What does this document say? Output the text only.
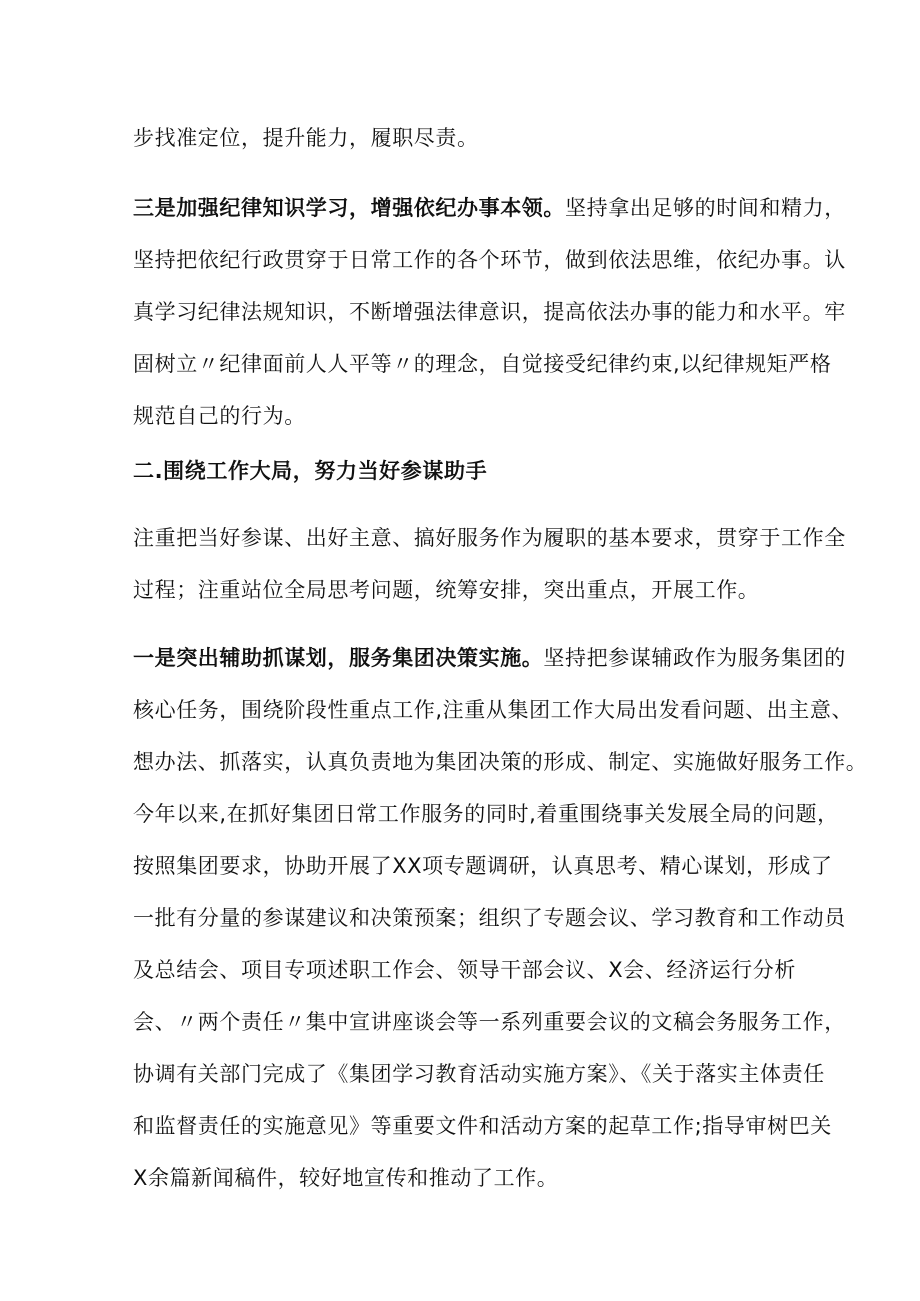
步找准定位，提升能力，履职尽责。

三是加强纪律知识学习，增强依纪办事本领。坚持拿出足够的时间和精力，
坚持把依纪行政贯穿于日常工作的各个环节，做到依法思维，依纪办事。认
真学习纪律法规知识，不断增强法律意识，提高依法办事的能力和水平。牢
固树立〃纪律面前人人平等〃的理念，自觉接受纪律约束,以纪律规矩严格
规范自己的行为。

二.围绕工作大局，努力当好参谋助手

注重把当好参谋、出好主意、搞好服务作为履职的基本要求，贯穿于工作全
过程；注重站位全局思考问题，统筹安排，突出重点，开展工作。

一是突出辅助抓谋划，服务集团决策实施。坚持把参谋辅政作为服务集团的
核心任务，围绕阶段性重点工作,注重从集团工作大局出发看问题、出主意、
想办法、抓落实，认真负责地为集团决策的形成、制定、实施做好服务工作。
今年以来,在抓好集团日常工作服务的同时,着重围绕事关发展全局的问题，
按照集团要求，协助开展了XX项专题调研，认真思考、精心谋划，形成了
一批有分量的参谋建议和决策预案；组织了专题会议、学习教育和工作动员
及总结会、项目专项述职工作会、领导干部会议、X会、经济运行分析
会、〃两个责任〃集中宣讲座谈会等一系列重要会议的文稿会务服务工作，
协调有关部门完成了《集团学习教育活动实施方案》、《关于落实主体责任
和监督责任的实施意见》等重要文件和活动方案的起草工作;指导审树巴关
X余篇新闻稿件，较好地宣传和推动了工作。
